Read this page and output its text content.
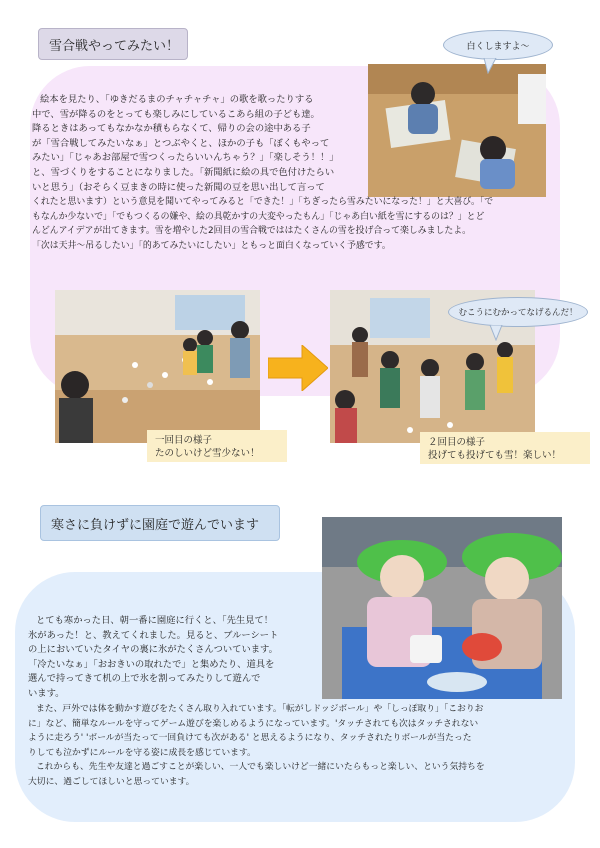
雪合戦やってみたい！	白くしますよ～

絵本を見たり、「ゆきだるまのチャチャチャ」の歌を歌ったりする

中で、雪が降るのをとっても楽しみにしているこあら組の子ども達。

降るときはあってもなかなか積もらなくて、帰りの会の途中ある子

が「雪合戦してみたいなぁ」とつぶやくと、ほかの子も「ぼくもやって

みたい」「じゃあお部屋で雪つくったらいいんちゃう？」「楽しそう！！」

と、雪づくりをすることになりました。「新聞紙に絵の具で色付けたらい

いと思う」（おそらく豆まきの時に使った新聞の豆を思い出して言って

くれたと思います）という意見を聞いてやってみると「できた！」「ちぎったら雪みたいになった！」と大喜び。「で

もなんか少ないで」「でもつくるの嫌や、絵の具乾かすの大変やったもん」「じゃあ白い紙を雪にするのは？」とど

んどんアイデアが出てきます。雪を増やした2回目の雪合戦でははたくさんの雪を投げ合って楽しみましたよ。

「次は天井～吊るしたい」「的あてみたいにしたい」ともっと面白くなっていく予感です。

むこうにむかってなげるんだ！
一回目の様子
たのしいけど雪少ない！
２回目の様子
投げても投げても雪！楽しい！
寒さに負けずに園庭で遊んでいます

とても寒かった日、朝一番に園庭に行くと、「先生見て！

氷があった！と、教えてくれました。見ると、ブルーシート

の上においていたタイヤの裏に氷がたくさんついています。

「冷たいなぁ」「おおきいの取れたで」と集めたり、道具を

選んで持ってきて机の上で氷を割ってみたりして遊んで

います。

また、戸外では体を動かす遊びをたくさん取り入れています。「転がしドッジボール」や「しっぽ取り」「こおりお

に」など、簡単なルールを守ってゲーム遊びを楽しめるようになっています。'タッチされても次はタッチされない

ように走ろう' 'ボールが当たって一回負けても次がある' と思えるようになり、タッチされたりボールが当たった

りしても泣かずにルールを守る姿に成長を感じています。

これからも、先生や友達と過ごすことが楽しい、一人でも楽しいけど一緒にいたらもっと楽しい、という気持ちを

大切に、過ごしてほしいと思っています。
